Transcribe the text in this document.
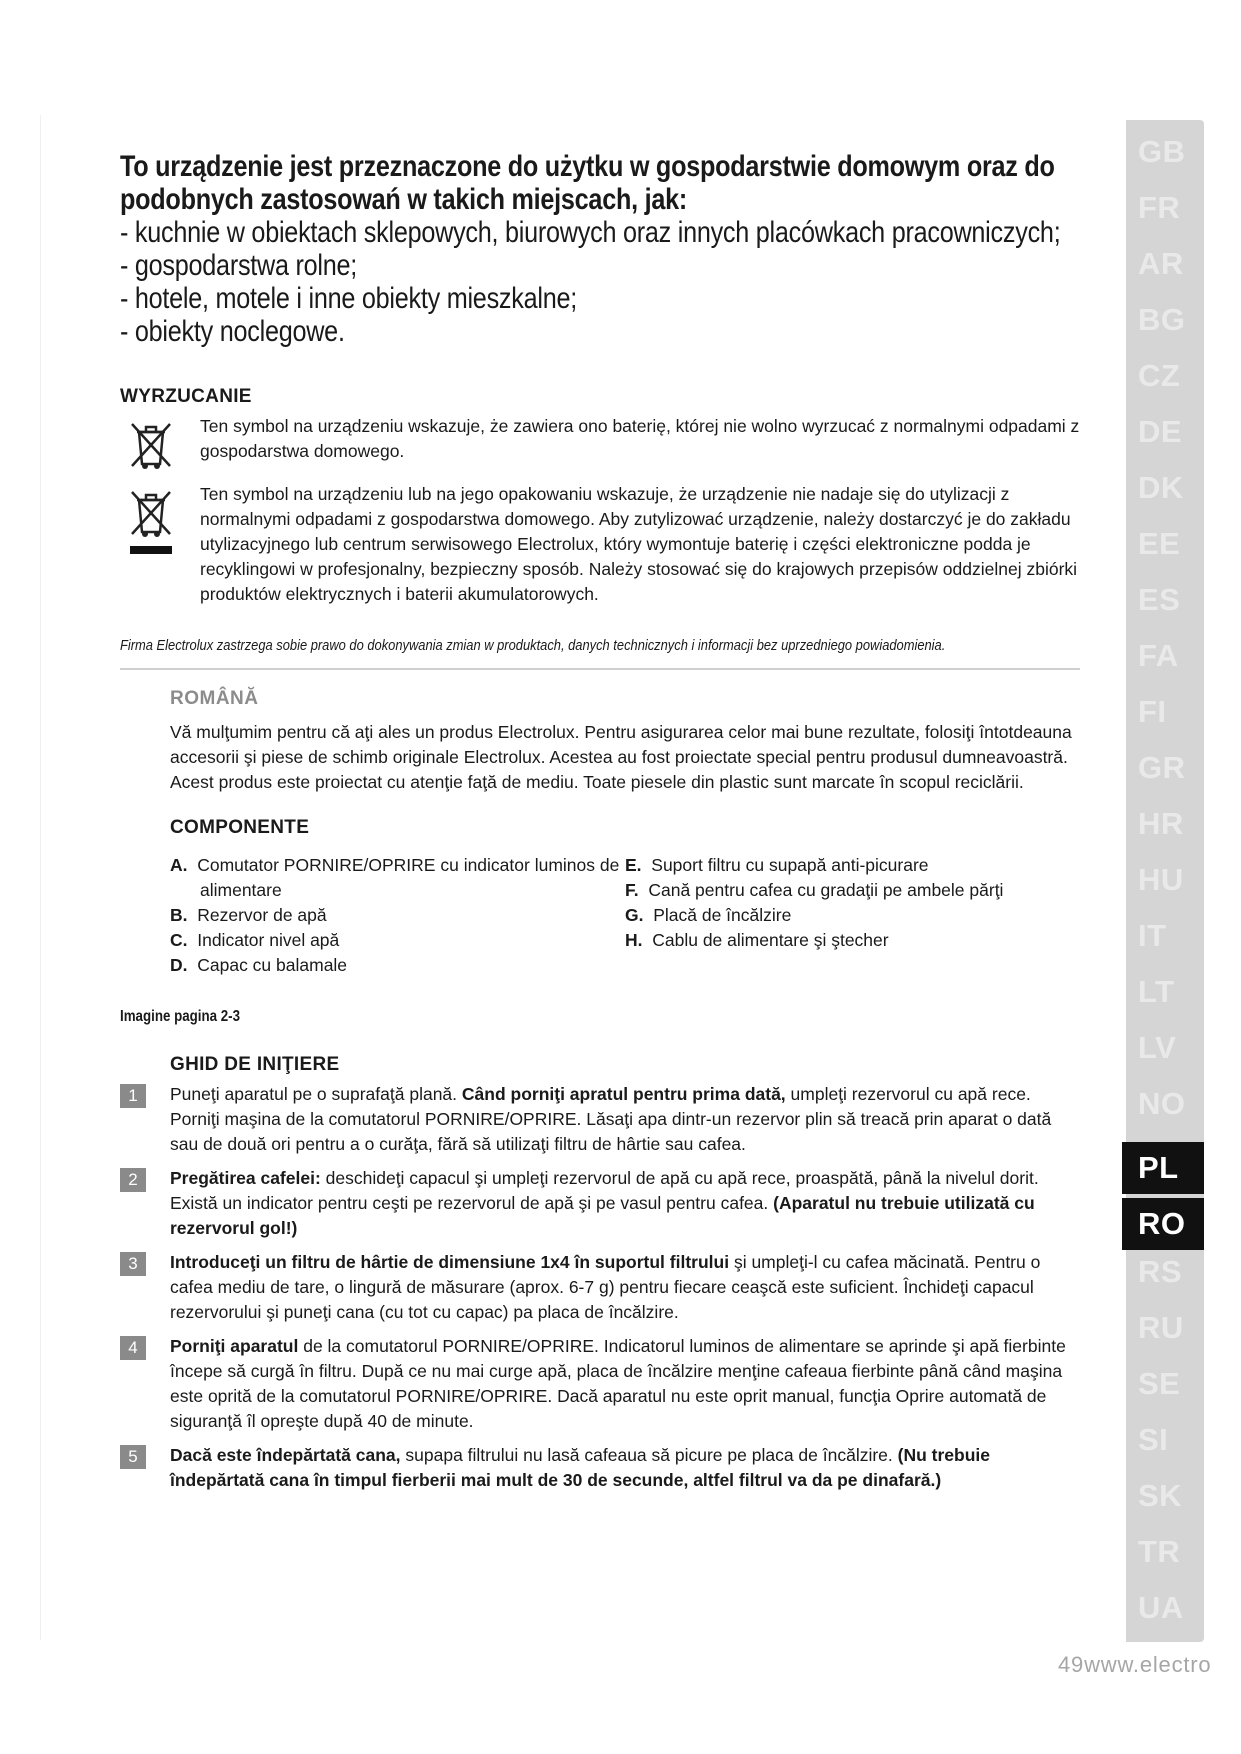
To urządzenie jest przeznaczone do użytku w gospodarstwie domowym oraz do
podobnych zastosowań w takich miejscach, jak:
- kuchnie w obiektach sklepowych, biurowych oraz innych placówkach pracowniczych;
- gospodarstwa rolne;
- hotele, motele i inne obiekty mieszkalne;
- obiekty noclegowe.
WYRZUCANIE
Ten symbol na urządzeniu wskazuje, że zawiera ono baterię, której nie wolno wyrzucać z normalnymi odpadami z gospodarstwa domowego.
Ten symbol na urządzeniu lub na jego opakowaniu wskazuje, że urządzenie nie nadaje się do utylizacji z normalnymi odpadami z gospodarstwa domowego. Aby zutylizować urządzenie, należy dostarczyć je do zakładu utylizacyjnego lub centrum serwisowego Electrolux, który wymontuje baterię i części elektroniczne podda je recyklingowi w profesjonalny, bezpieczny sposób. Należy stosować się do krajowych przepisów oddzielnej zbiórki produktów elektrycznych i baterii akumulatorowych.
Firma Electrolux zastrzega sobie prawo do dokonywania zmian w produktach, danych technicznych i informacji bez uprzedniego powiadomienia.
ROMÂNĂ
Vă mulţumim pentru că aţi ales un produs Electrolux. Pentru asigurarea celor mai bune rezultate, folosiţi întotdeauna accesorii şi piese de schimb originale Electrolux. Acestea au fost proiectate special pentru produsul dumneavoastră. Acest produs este proiectat cu atenţie faţă de mediu. Toate piesele din plastic sunt marcate în scopul reciclării.
COMPONENTE
A. Comutator PORNIRE/OPRIRE cu indicator luminos de alimentare
B. Rezervor de apă
C. Indicator nivel apă
D. Capac cu balamale
E. Suport filtru cu supapă anti-picurare
F. Cană pentru cafea cu gradaţii pe ambele părţi
G. Placă de încălzire
H. Cablu de alimentare şi ştecher
Imagine pagina 2-3
GHID DE INIŢIERE
1	Puneţi aparatul pe o suprafaţă plană. Când porniţi apratul pentru prima dată, umpleţi rezervorul cu apă rece. Porniţi maşina de la comutatorul PORNIRE/OPRIRE. Lăsaţi apa dintr-un rezervor plin să treacă prin aparat o dată sau de două ori pentru a o curăţa, fără să utilizaţi filtru de hârtie sau cafea.
2	Pregătirea cafelei: deschideţi capacul şi umpleţi rezervorul de apă cu apă rece, proaspătă, până la nivelul dorit. Există un indicator pentru ceşti pe rezervorul de apă şi pe vasul pentru cafea. (Aparatul nu trebuie utilizată cu rezervorul gol!)
3	Introduceţi un filtru de hârtie de dimensiune 1x4 în suportul filtrului şi umpleţi-l cu cafea măcinată. Pentru o cafea mediu de tare, o lingură de măsurare (aprox. 6-7 g) pentru fiecare ceaşcă este suficient. Închideţi capacul rezervorului şi puneţi cana (cu tot cu capac) pa placa de încălzire.
4	Porniţi aparatul de la comutatorul PORNIRE/OPRIRE. Indicatorul luminos de alimentare se aprinde şi apă fierbinte începe să curgă în filtru. După ce nu mai curge apă, placa de încălzire menţine cafeaua fierbinte până când maşina este oprită de la comutatorul PORNIRE/OPRIRE. Dacă aparatul nu este oprit manual, funcţia Oprire automată de siguranţă îl opreşte după 40 de minute.
5	Dacă este îndepărtată cana, supapa filtrului nu lasă cafeaua să picure pe placa de încălzire. (Nu trebuie îndepărtată cana în timpul fierberii mai mult de 30 de secunde, altfel filtrul va da pe dinafară.)
GB
FR
AR
BG
CZ
DE
DK
EE
ES
FA
FI
GR
HR
HU
IT
LT
LV
NO
PL
RO
RS
RU
SE
SI
SK
TR
UA
49www.electro
